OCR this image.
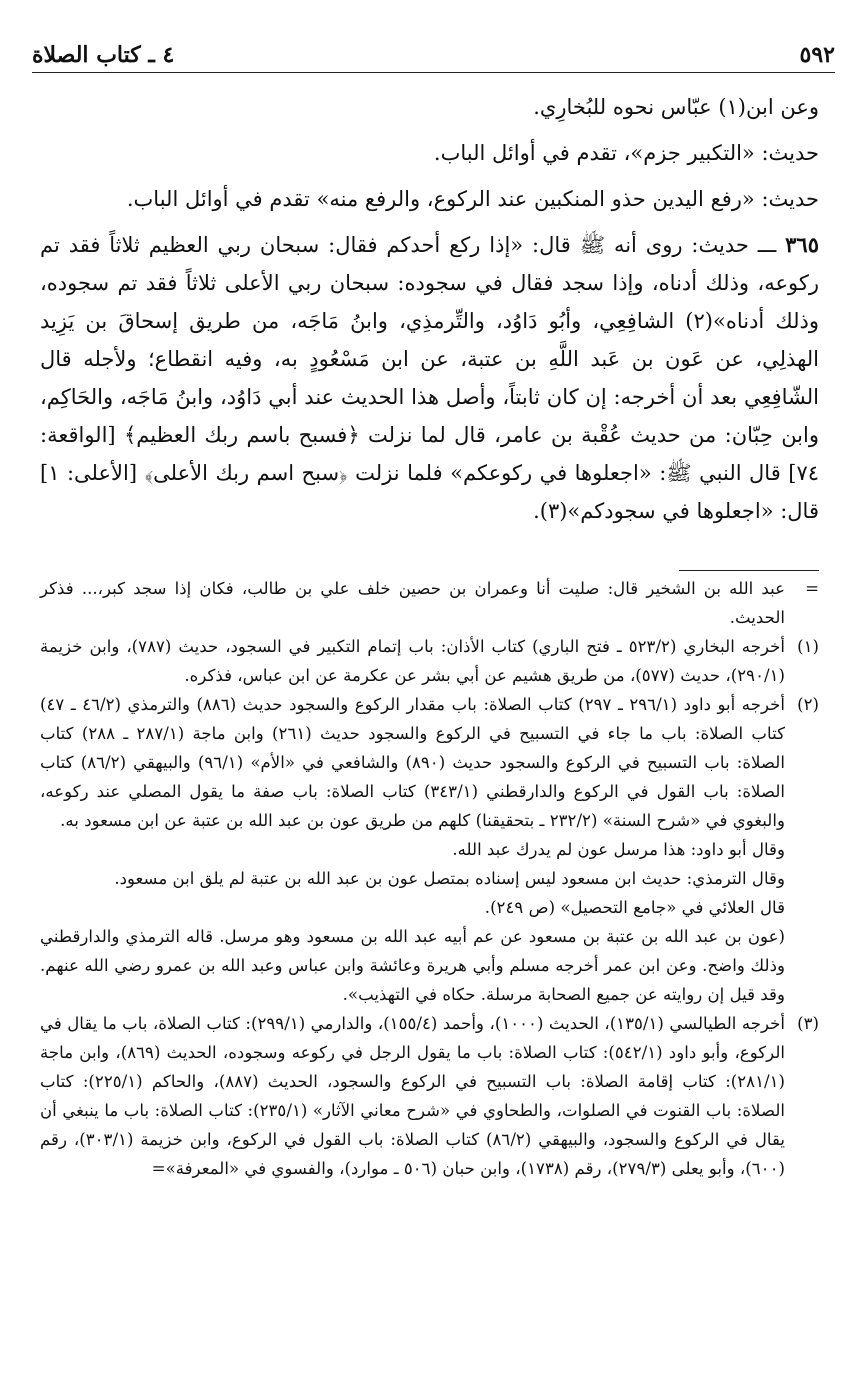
٥٩٢
٤ ـ كتاب الصلاة

وعن ابن(١) عبّاس نحوه للبُخارِي.

حديث: «التكبير جزم»، تقدم في أوائل الباب.

حديث: «رفع اليدين حذو المنكبين عند الركوع، والرفع منه» تقدم في أوائل الباب.

٣٦٥ ـــ حديث: روى أنه ﷺ قال: «إذا ركع أحدكم فقال: سبحان ربي العظيم ثلاثاً فقد تم ركوعه، وذلك أدناه، وإذا سجد فقال في سجوده: سبحان ربي الأعلى ثلاثاً فقد تم سجوده، وذلك أدناه»(٢) الشافِعِي، وأبُو دَاوُد، والتِّرمذِي، وابنُ مَاجَه، من طريق إسحاقَ بن يَزِيد الهذلِي، عن عَون بن عَبد اللَّهِ بن عتبة، عن ابن مَسْعُودٍ به، وفيه انقطاع؛ ولأجله قال الشّافِعِي بعد أن أخرجه: إن كان ثابتاً، وأصل هذا الحديث عند أبي دَاوُد، وابنُ مَاجَه، والحَاكِم، وابن حِبّان: من حديث عُقْبة بن عامر، قال لما نزلت ﴿فسبح باسم ربك العظيم﴾ [الواقعة: ٧٤] قال النبي ﷺ: «اجعلوها في ركوعكم» فلما نزلت ﴿سبح اسم ربك الأعلى﴾ [الأعلى: ١] قال: «اجعلوها في سجودكم»(٣).

=
عبد الله بن الشخير قال: صليت أنا وعمران بن حصين خلف علي بن طالب، فكان إذا سجد كبر،... فذكر الحديث.

(١)
أخرجه البخاري (٥٢٣/٢ ـ فتح الباري) كتاب الأذان: باب إتمام التكبير في السجود، حديث (٧٨٧)، وابن خزيمة (٢٩٠/١)، حديث (٥٧٧)، من طريق هشيم عن أبي بشر عن عكرمة عن ابن عباس، فذكره.

(٢)
أخرجه أبو داود (٢٩٦/١ ـ ٢٩٧) كتاب الصلاة: باب مقدار الركوع والسجود حديث (٨٨٦) والترمذي (٤٦/٢ ـ ٤٧) كتاب الصلاة: باب ما جاء في التسبيح في الركوع والسجود حديث (٢٦١) وابن ماجة (٢٨٧/١ ـ ٢٨٨) كتاب الصلاة: باب التسبيح في الركوع والسجود حديث (٨٩٠) والشافعي في «الأم» (٩٦/١) والبيهقي (٨٦/٢) كتاب الصلاة: باب القول في الركوع والدارقطني (٣٤٣/١) كتاب الصلاة: باب صفة ما يقول المصلي عند ركوعه، والبغوي في «شرح السنة» (٢٣٢/٢ ـ بتحقيقنا) كلهم من طريق عون بن عبد الله بن عتبة عن ابن مسعود به.

وقال أبو داود: هذا مرسل عون لم يدرك عبد الله.

وقال الترمذي: حديث ابن مسعود ليس إسناده بمتصل عون بن عبد الله بن عتبة لم يلق ابن مسعود.

قال العلائي في «جامع التحصيل» (ص ٢٤٩).

(عون بن عبد الله بن عتبة بن مسعود عن عم أبيه عبد الله بن مسعود وهو مرسل. قاله الترمذي والدارقطني وذلك واضح. وعن ابن عمر أخرجه مسلم وأبي هريرة وعائشة وابن عباس وعبد الله بن عمرو رضي الله عنهم. وقد قيل إن روايته عن جميع الصحابة مرسلة. حكاه في التهذيب».

(٣)
أخرجه الطيالسي (١٣٥/١)، الحديث (١٠٠٠)، وأحمد (١٥٥/٤)، والدارمي (٢٩٩/١): كتاب الصلاة، باب ما يقال في الركوع، وأبو داود (٥٤٢/١): كتاب الصلاة: باب ما يقول الرجل في ركوعه وسجوده، الحديث (٨٦٩)، وابن ماجة (٢٨١/١): كتاب إقامة الصلاة: باب التسبيح في الركوع والسجود، الحديث (٨٨٧)، والحاكم (٢٢٥/١): كتاب الصلاة: باب القنوت في الصلوات، والطحاوي في «شرح معاني الآثار» (٢٣٥/١): كتاب الصلاة: باب ما ينبغي أن يقال في الركوع والسجود، والبيهقي (٨٦/٢) كتاب الصلاة: باب القول في الركوع، وابن خزيمة (٣٠٣/١)، رقم (٦٠٠)، وأبو يعلى (٢٧٩/٣)، رقم (١٧٣٨)، وابن حبان (٥٠٦ ـ موارد)، والفسوي في «المعرفة»=
